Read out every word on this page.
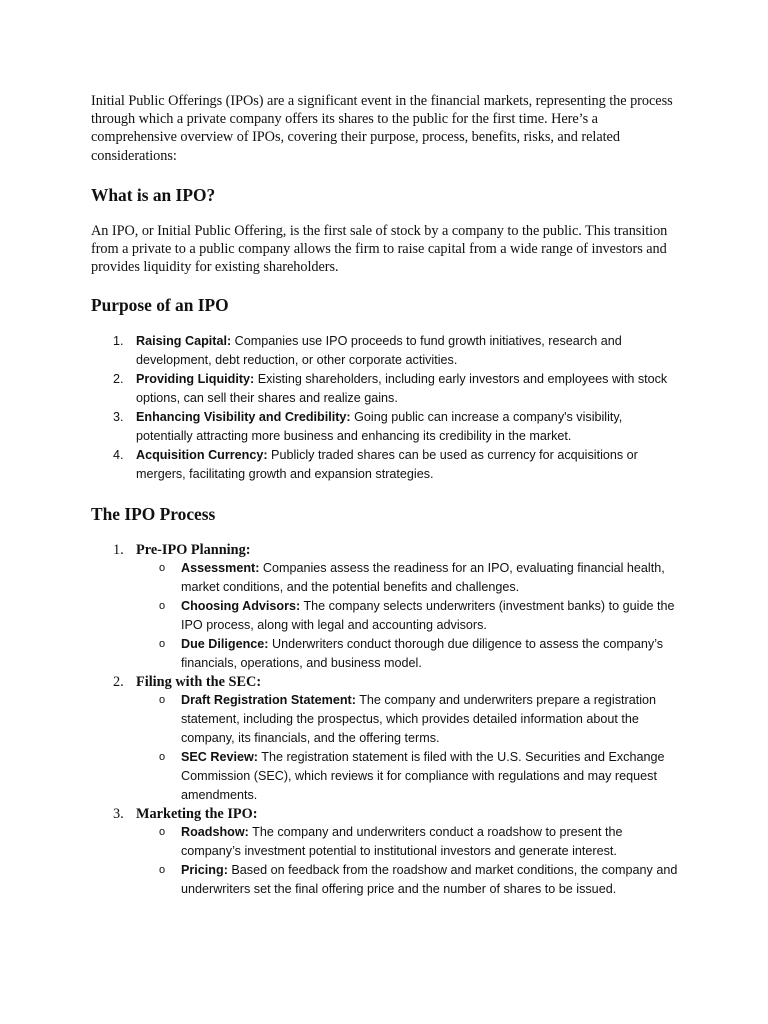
Initial Public Offerings (IPOs) are a significant event in the financial markets, representing the process through which a private company offers its shares to the public for the first time. Here’s a comprehensive overview of IPOs, covering their purpose, process, benefits, risks, and related considerations:

What is an IPO?

An IPO, or Initial Public Offering, is the first sale of stock by a company to the public. This transition from a private to a public company allows the firm to raise capital from a wide range of investors and provides liquidity for existing shareholders.

Purpose of an IPO
1. Raising Capital: Companies use IPO proceeds to fund growth initiatives, research and development, debt reduction, or other corporate activities.
2. Providing Liquidity: Existing shareholders, including early investors and employees with stock options, can sell their shares and realize gains.
3. Enhancing Visibility and Credibility: Going public can increase a company's visibility, potentially attracting more business and enhancing its credibility in the market.
4. Acquisition Currency: Publicly traded shares can be used as currency for acquisitions or mergers, facilitating growth and expansion strategies.
The IPO Process
1. Pre-IPO Planning:
o Assessment: Companies assess the readiness for an IPO, evaluating financial health, market conditions, and the potential benefits and challenges.
o Choosing Advisors: The company selects underwriters (investment banks) to guide the IPO process, along with legal and accounting advisors.
o Due Diligence: Underwriters conduct thorough due diligence to assess the company’s financials, operations, and business model.
2. Filing with the SEC:
o Draft Registration Statement: The company and underwriters prepare a registration statement, including the prospectus, which provides detailed information about the company, its financials, and the offering terms.
o SEC Review: The registration statement is filed with the U.S. Securities and Exchange Commission (SEC), which reviews it for compliance with regulations and may request amendments.
3. Marketing the IPO:
o Roadshow: The company and underwriters conduct a roadshow to present the company’s investment potential to institutional investors and generate interest.
o Pricing: Based on feedback from the roadshow and market conditions, the company and underwriters set the final offering price and the number of shares to be issued.
